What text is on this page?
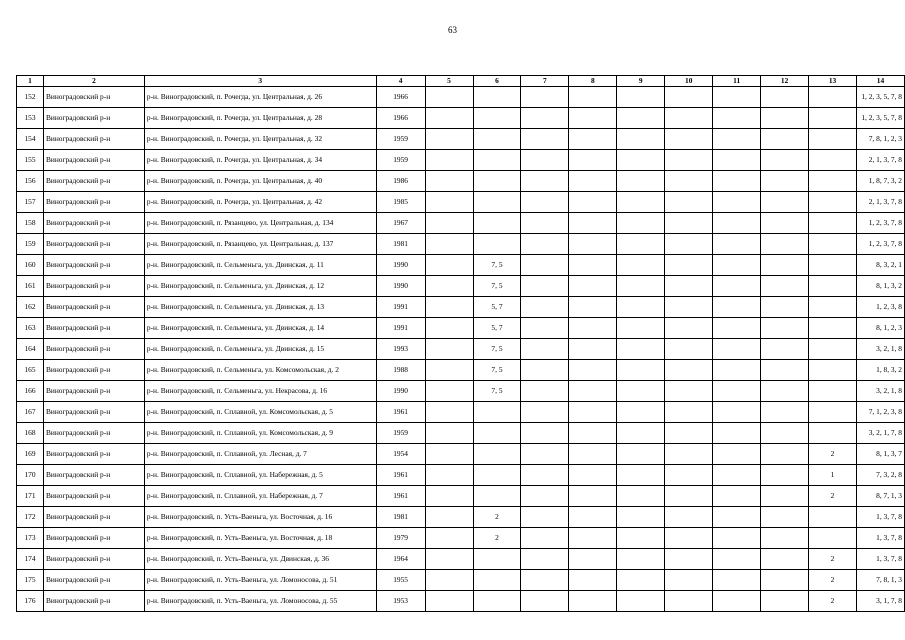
63
1	2	3	4	5	6	7	8	9	10	11	12	13	14
152	Виноградовский р-н	р-н. Виноградовский, п. Рочегда, ул. Центральная, д. 26	1966										1, 2, 3, 5, 7, 8
153	Виноградовский р-н	р-н. Виноградовский, п. Рочегда, ул. Центральная, д. 28	1966										1, 2, 3, 5, 7, 8
154	Виноградовский р-н	р-н. Виноградовский, п. Рочегда, ул. Центральная, д. 32	1959										7, 8, 1, 2, 3
155	Виноградовский р-н	р-н. Виноградовский, п. Рочегда, ул. Центральная, д. 34	1959										2, 1, 3, 7, 8
156	Виноградовский р-н	р-н. Виноградовский, п. Рочегда, ул. Центральная, д. 40	1986										1, 8, 7, 3, 2
157	Виноградовский р-н	р-н. Виноградовский, п. Рочегда, ул. Центральная, д. 42	1985										2, 1, 3, 7, 8
158	Виноградовский р-н	р-н. Виноградовский, п. Рязанцево, ул. Центральная, д. 134	1967										1, 2, 3, 7, 8
159	Виноградовский р-н	р-н. Виноградовский, п. Рязанцево, ул. Центральная, д. 137	1981										1, 2, 3, 7, 8
160	Виноградовский р-н	р-н. Виноградовский, п. Сельменьга, ул. Двинская, д. 11	1990		7, 5								8, 3, 2, 1
161	Виноградовский р-н	р-н. Виноградовский, п. Сельменьга, ул. Двинская, д. 12	1990		7, 5								8, 1, 3, 2
162	Виноградовский р-н	р-н. Виноградовский, п. Сельменьга, ул. Двинская, д. 13	1991		5, 7								1, 2, 3, 8
163	Виноградовский р-н	р-н. Виноградовский, п. Сельменьга, ул. Двинская, д. 14	1991		5, 7								8, 1, 2, 3
164	Виноградовский р-н	р-н. Виноградовский, п. Сельменьга, ул. Двинская, д. 15	1993		7, 5								3, 2, 1, 8
165	Виноградовский р-н	р-н. Виноградовский, п. Сельменьга, ул. Комсомольская, д. 2	1988		7, 5								1, 8, 3, 2
166	Виноградовский р-н	р-н. Виноградовский, п. Сельменьга, ул. Некрасова, д. 16	1990		7, 5								3, 2, 1, 8
167	Виноградовский р-н	р-н. Виноградовский, п. Сплавной, ул. Комсомольская, д. 5	1961										7, 1, 2, 3, 8
168	Виноградовский р-н	р-н. Виноградовский, п. Сплавной, ул. Комсомольская, д. 9	1959										3, 2, 1, 7, 8
169	Виноградовский р-н	р-н. Виноградовский, п. Сплавной, ул. Лесная, д. 7	1954									2	8, 1, 3, 7
170	Виноградовский р-н	р-н. Виноградовский, п. Сплавной, ул. Набережная, д. 5	1961									1	7, 3, 2, 8
171	Виноградовский р-н	р-н. Виноградовский, п. Сплавной, ул. Набережная, д. 7	1961									2	8, 7, 1, 3
172	Виноградовский р-н	р-н. Виноградовский, п. Усть-Ваеньга, ул. Восточная, д. 16	1981		2								1, 3, 7, 8
173	Виноградовский р-н	р-н. Виноградовский, п. Усть-Ваеньга, ул. Восточная, д. 18	1979		2								1, 3, 7, 8
174	Виноградовский р-н	р-н. Виноградовский, п. Усть-Ваеньга, ул. Двинская, д. 36	1964									2	1, 3, 7, 8
175	Виноградовский р-н	р-н. Виноградовский, п. Усть-Ваеньга, ул. Ломоносова, д. 51	1955									2	7, 8, 1, 3
176	Виноградовский р-н	р-н. Виноградовский, п. Усть-Ваеньга, ул. Ломоносова, д. 55	1953									2	3, 1, 7, 8
